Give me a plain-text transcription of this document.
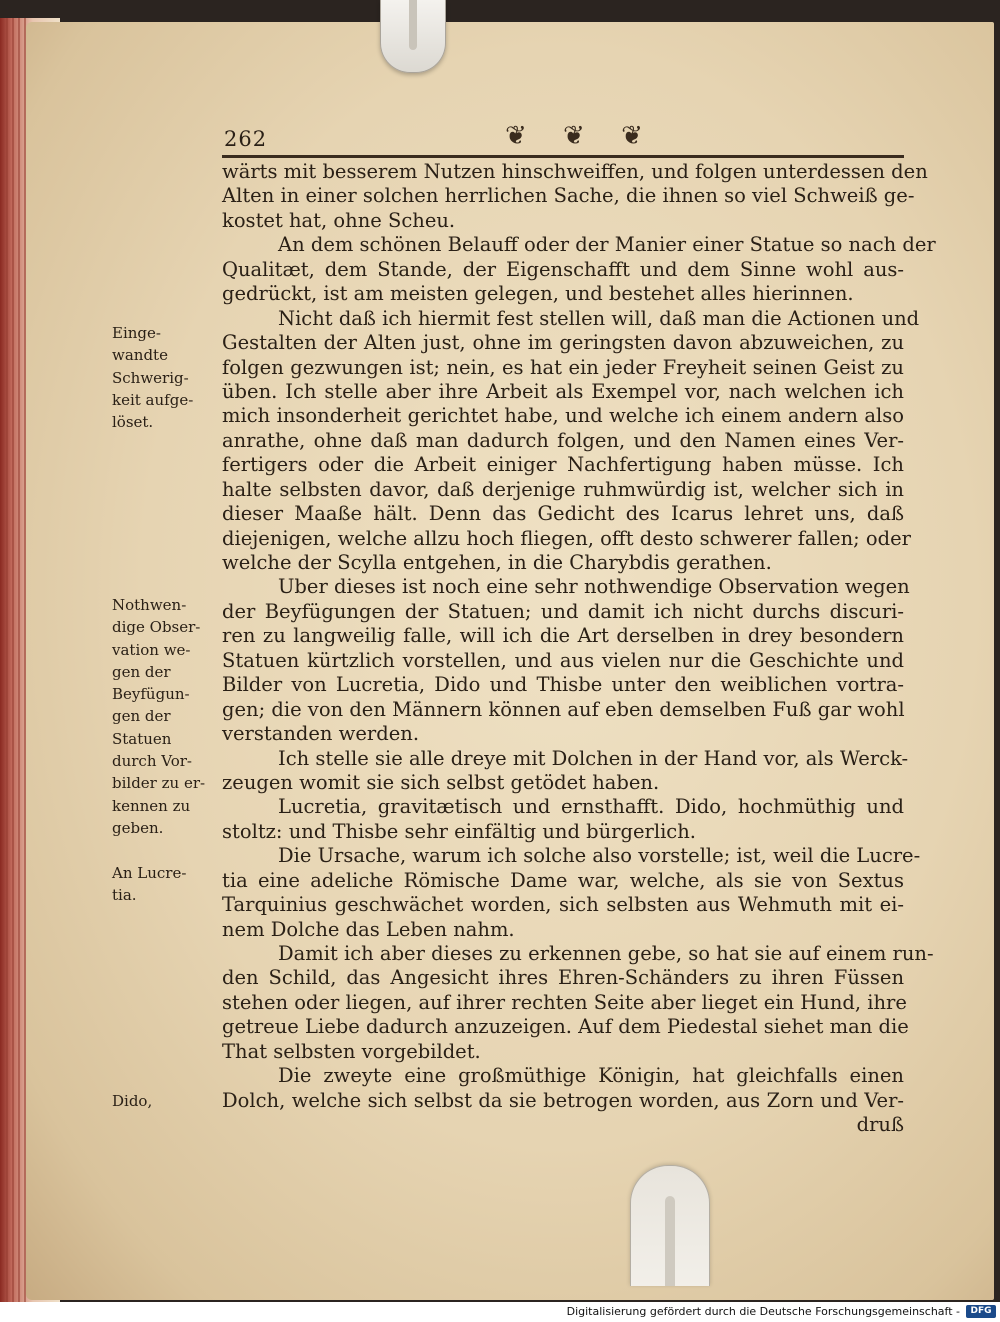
262	❦ ❦ ❦
wärts mit besserem Nutzen hinschweiffen, und folgen unterdessen den
Alten in einer solchen herrlichen Sache, die ihnen so viel Schweiß ge-
kostet hat, ohne Scheu.
An dem schönen Belauff oder der Manier einer Statue so nach der
Qualitæt, dem Stande, der Eigenschafft und dem Sinne wohl aus-
gedrückt, ist am meisten gelegen, und bestehet alles hierinnen.
Nicht daß ich hiermit fest stellen will, daß man die Actionen und
Gestalten der Alten just, ohne im geringsten davon abzuweichen, zu
folgen gezwungen ist; nein, es hat ein jeder Freyheit seinen Geist zu
üben. Ich stelle aber ihre Arbeit als Exempel vor, nach welchen ich
mich insonderheit gerichtet habe, und welche ich einem andern also
anrathe, ohne daß man dadurch folgen, und den Namen eines Ver-
fertigers oder die Arbeit einiger Nachfertigung haben müsse. Ich
halte selbsten davor, daß derjenige ruhmwürdig ist, welcher sich in
dieser Maaße hält. Denn das Gedicht des Icarus lehret uns, daß
diejenigen, welche allzu hoch fliegen, offt desto schwerer fallen; oder
welche der Scylla entgehen, in die Charybdis gerathen.
Uber dieses ist noch eine sehr nothwendige Observation wegen
der Beyfügungen der Statuen; und damit ich nicht durchs discuri-
ren zu langweilig falle, will ich die Art derselben in drey besondern
Statuen kürtzlich vorstellen, und aus vielen nur die Geschichte und
Bilder von Lucretia, Dido und Thisbe unter den weiblichen vortra-
gen; die von den Männern können auf eben demselben Fuß gar wohl
verstanden werden.
Ich stelle sie alle dreye mit Dolchen in der Hand vor, als Werck-
zeugen womit sie sich selbst getödet haben.
Lucretia, gravitætisch und ernsthafft. Dido, hochmüthig und
stoltz: und Thisbe sehr einfältig und bürgerlich.
Die Ursache, warum ich solche also vorstelle; ist, weil die Lucre-
tia eine adeliche Römische Dame war, welche, als sie von Sextus
Tarquinius geschwächet worden, sich selbsten aus Wehmuth mit ei-
nem Dolche das Leben nahm.
Damit ich aber dieses zu erkennen gebe, so hat sie auf einem run-
den Schild, das Angesicht ihres Ehren-Schänders zu ihren Füssen
stehen oder liegen, auf ihrer rechten Seite aber lieget ein Hund, ihre
getreue Liebe dadurch anzuzeigen. Auf dem Piedestal siehet man die
That selbsten vorgebildet.
Die zweyte eine großmüthige Königin, hat gleichfalls einen
Dolch, welche sich selbst da sie betrogen worden, aus Zorn und Ver-
druß
Einge-
wandte
Schwerig-
keit aufge-
löset.
Nothwen-
dige Obser-
vation we-
gen der
Beyfügun-
gen der
Statuen
durch Vor-
bilder zu er-
kennen zu
geben.
An Lucre-
tia.
Dido,
Digitalisierung gefördert durch die Deutsche Forschungsgemeinschaft -	DFG
